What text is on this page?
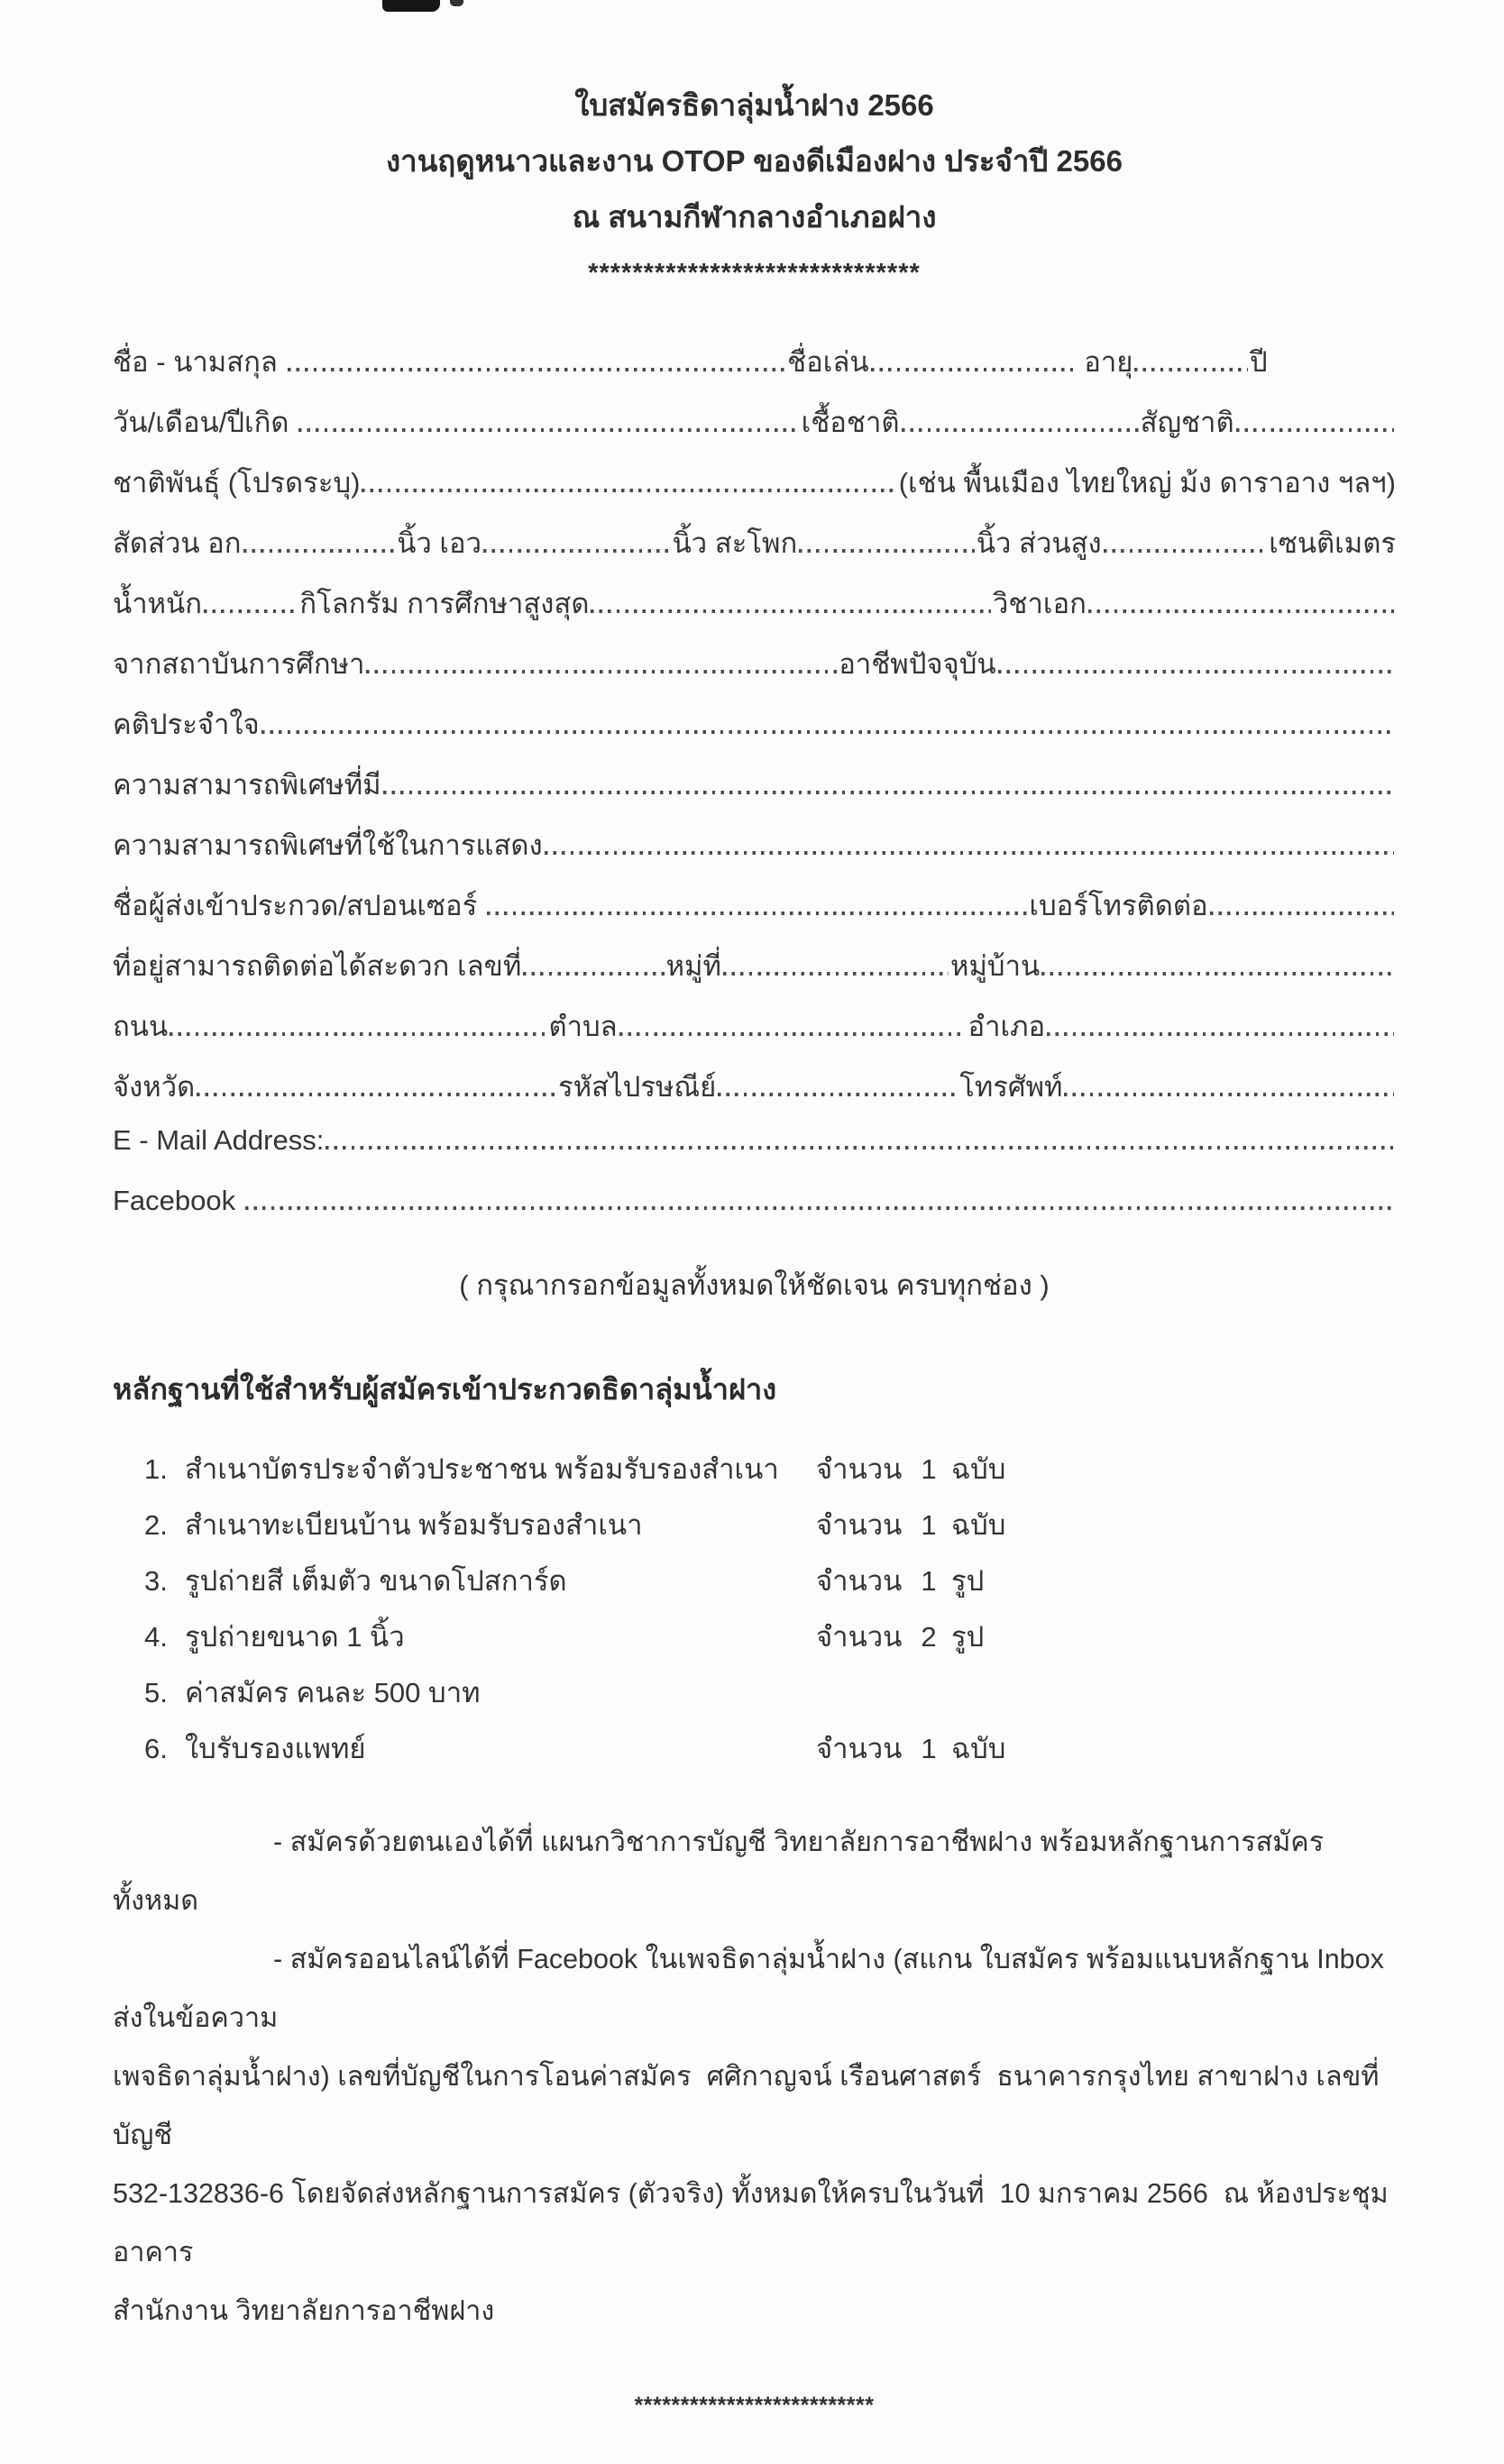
ใบสมัครธิดาลุ่มน้ำฝาง 2566
งานฤดูหนาวและงาน OTOP ของดีเมืองฝาง ประจำปี 2566
ณ สนามกีฬากลางอำเภอฝาง
******************************
ชื่อ - นามสกุล	ชื่อเล่น	อายุ	ปี
วัน/เดือน/ปีเกิด	เชื้อชาติ	สัญชาติ
ชาติพันธุ์ (โปรดระบุ)	(เช่น พื้นเมือง ไทยใหญ่ ม้ง ดาราอาง ฯลฯ)
สัดส่วน อก	นิ้ว เอว	นิ้ว สะโพก	นิ้ว ส่วนสูง	เซนติเมตร
น้ำหนัก	กิโลกรัม การศึกษาสูงสุด	วิชาเอก
จากสถาบันการศึกษา	อาชีพปัจจุบัน
คติประจำใจ
ความสามารถพิเศษที่มี
ความสามารถพิเศษที่ใช้ในการแสดง
ชื่อผู้ส่งเข้าประกวด/สปอนเซอร์	เบอร์โทรติดต่อ
ที่อยู่สามารถติดต่อได้สะดวก เลขที่	หมู่ที่	หมู่บ้าน
ถนน	ตำบล	อำเภอ
จังหวัด	รหัสไปรษณีย์	โทรศัพท์
E - Mail Address:
Facebook
( กรุณากรอกข้อมูลทั้งหมดให้ชัดเจน ครบทุกช่อง )
หลักฐานที่ใช้สำหรับผู้สมัครเข้าประกวดธิดาลุ่มน้ำฝาง
1. สำเนาบัตรประจำตัวประชาชน พร้อมรับรองสำเนา	จำนวน 1 ฉบับ
2. สำเนาทะเบียนบ้าน พร้อมรับรองสำเนา	จำนวน 1 ฉบับ
3. รูปถ่ายสี เต็มตัว ขนาดโปสการ์ด	จำนวน 1 รูป
4. รูปถ่ายขนาด 1 นิ้ว	จำนวน 2 รูป
5. ค่าสมัคร คนละ 500 บาท
6. ใบรับรองแพทย์	จำนวน 1 ฉบับ
- สมัครด้วยตนเองได้ที่ แผนกวิชาการบัญชี วิทยาลัยการอาชีพฝาง พร้อมหลักฐานการสมัครทั้งหมด
- สมัครออนไลน์ได้ที่ Facebook ในเพจธิดาลุ่มน้ำฝาง (สแกน ใบสมัคร พร้อมแนบหลักฐาน Inbox ส่งในข้อความ
เพจธิดาลุ่มน้ำฝาง) เลขที่บัญชีในการโอนค่าสมัคร  ศศิกาญจน์ เรือนศาสตร์  ธนาคารกรุงไทย สาขาฝาง เลขที่บัญชี
532-132836-6 โดยจัดส่งหลักฐานการสมัคร (ตัวจริง) ทั้งหมดให้ครบในวันที่  10 มกราคม 2566  ณ ห้องประชุมอาคาร
สำนักงาน วิทยาลัยการอาชีพฝาง
**************************
